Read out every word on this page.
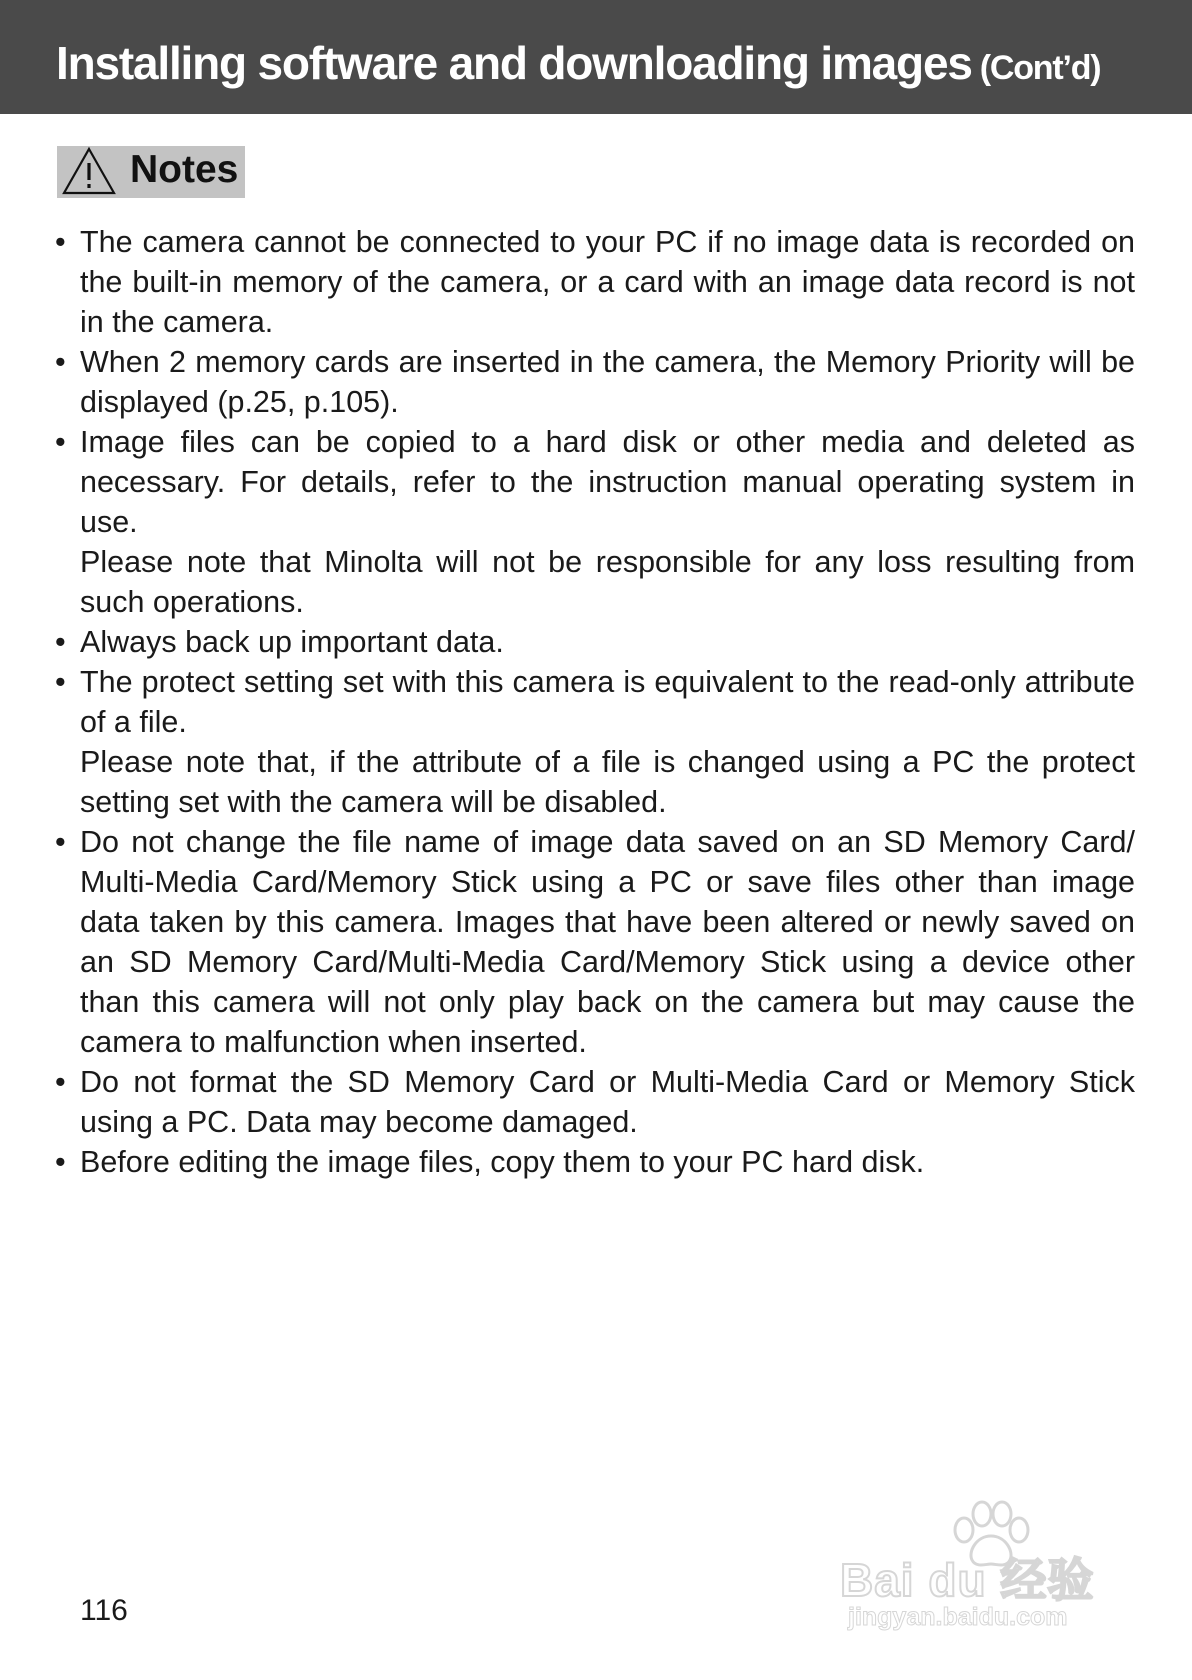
Installing software and downloading images (Cont’d)
Notes
• The camera cannot be connected to your PC if no image data is recorded on the built-in memory of the camera, or a card with an image data record is not in the camera.

• When 2 memory cards are inserted in the camera, the Memory Priority will be displayed (p.25, p.105).

• Image files can be copied to a hard disk or other media and deleted as necessary. For details, refer to the instruction manual operating system in use.

Please note that Minolta will not be responsible for any loss resulting from such operations.

• Always back up important data.

• The protect setting set with this camera is equivalent to the read-only attribute of a file.

Please note that, if the attribute of a file is changed using a PC the protect setting set with the camera will be disabled.

• Do not change the file name of image data saved on an SD Memory Card/ Multi-Media Card/Memory Stick using a PC or save files other than image data taken by this camera. Images that have been altered or newly saved on an SD Memory Card/Multi-Media Card/Memory Stick using a device other than this camera will not only play back on the camera but may cause the camera to malfunction when inserted.

• Do not format the SD Memory Card or Multi-Media Card or Memory Stick using a PC. Data may become damaged.

• Before editing the image files, copy them to your PC hard disk.

116
Bai du 经验
jingyan.baidu.com
